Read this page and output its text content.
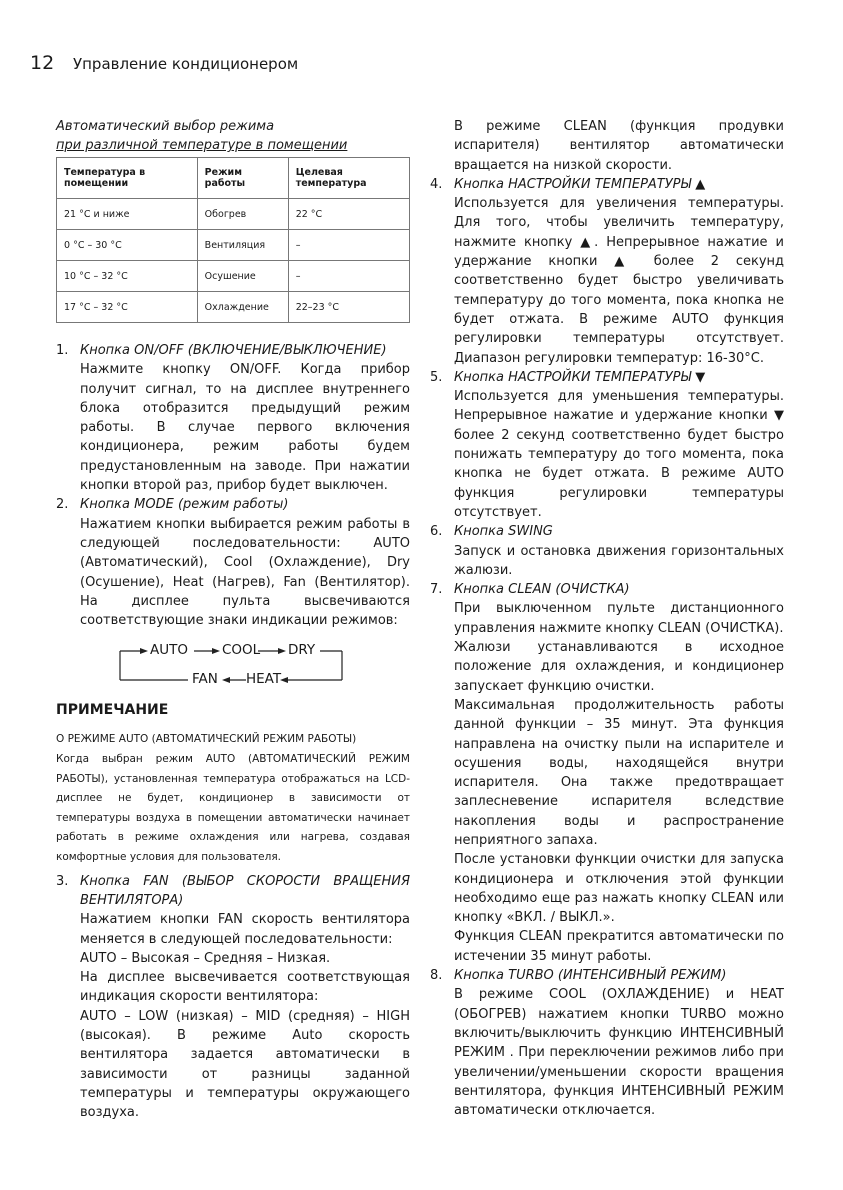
12 Управление кондиционером
Автоматический выбор режима
при различной температуре в помещении
Температура в помещении	Режим работы	Целевая температура
21 °C и ниже	Обогрев	22 °C
0 °C – 30 °C	Вентиляция	–
10 °C – 32 °C	Осушение	–
17 °C – 32 °C	Охлаждение	22–23 °C
1. Кнопка ON/OFF (ВКЛЮЧЕНИЕ/ВЫКЛЮЧЕНИЕ)

Нажмите кнопку ON/OFF. Когда прибор получит сигнал, то на дисплее внутреннего блока отобразится предыдущий режим работы. В случае первого включения кондиционера, режим работы будем предустановленным на заводе. При нажатии кнопки второй раз, прибор будет выключен.

2. Кнопка MODE (режим работы)

Нажатием кнопки выбирается режим работы в следующей последовательности: AUTO (Автоматический), Cool (Охлаждение), Dry (Осушение), Heat (Нагрев), Fan (Вентилятор). На дисплее пульта высвечиваются соответствующие знаки индикации режимов:

AUTO	COOL DRY
FAN HEAT
ПРИМЕЧАНИЕ
О РЕЖИМЕ AUTO (АВТОМАТИЧЕСКИЙ РЕЖИМ РАБОТЫ)

Когда выбран режим AUTO (АВТОМАТИЧЕСКИЙ РЕЖИМ РАБОТЫ), установленная температура отображаться на LCD-дисплее не будет, кондиционер в зависимости от температуры воздуха в помещении автоматически начинает работать в режиме охлаждения или нагрева, создавая комфортные условия для пользователя.

3. Кнопка FAN (ВЫБОР СКОРОСТИ ВРАЩЕНИЯ ВЕНТИЛЯТОРА)

Нажатием кнопки FAN скорость вентилятора меняется в следующей последовательности:

AUTO – Высокая – Средняя – Низкая.

На дисплее высвечивается соответствующая индикация скорости вентилятора:

AUTO – LOW (низкая) – MID (средняя) – HIGH (высокая). В режиме Auto скорость вентилятора задается автоматически в зависимости от разницы заданной температуры и температуры окружающего воздуха.

В режиме CLEAN (функция продувки испарителя) вентилятор автоматически вращается на низкой скорости.

4. Кнопка НАСТРОЙКИ ТЕМПЕРАТУРЫ ▲

Используется для увеличения температуры. Для того, чтобы увеличить температуру, нажмите кнопку ▲. Непрерывное нажатие и удержание кнопки ▲ более 2 секунд соответственно будет быстро увеличивать температуру до того момента, пока кнопка не будет отжата. В режиме AUTO функция регулировки температуры отсутствует. Диапазон регулировки температур: 16-30°С.

5. Кнопка НАСТРОЙКИ ТЕМПЕРАТУРЫ ▼

Используется для уменьшения температуры. Непрерывное нажатие и удержание кнопки ▼ более 2 секунд соответственно будет быстро понижать температуру до того момента, пока кнопка не будет отжата. В режиме AUTO функция регулировки температуры отсутствует.

6. Кнопка SWING

Запуск и остановка движения горизонтальных жалюзи.

7. Кнопка CLEAN (ОЧИСТКА)

При выключенном пульте дистанционного управления нажмите кнопку CLEAN (ОЧИСТКА).

Жалюзи устанавливаются в исходное положение для охлаждения, и кондиционер запускает функцию очистки.

Максимальная продолжительность работы данной функции – 35 минут. Эта функция направлена на очистку пыли на испарителе и осушения воды, находящейся внутри испарителя. Она также предотвращает заплесневение испарителя вследствие накопления воды и распространение неприятного запаха.

После установки функции очистки для запуска кондиционера и отключения этой функции необходимо еще раз нажать кнопку CLEAN или кнопку «ВКЛ. / ВЫКЛ.».

Функция CLEAN прекратится автоматически по истечении 35 минут работы.

8. Кнопка TURBO (ИНТЕНСИВНЫЙ РЕЖИМ)

В режиме COOL (ОХЛАЖДЕНИЕ) и HEAT (ОБОГРЕВ) нажатием кнопки TURBO можно включить/выключить функцию ИНТЕНСИВНЫЙ РЕЖИМ . При переключении режимов либо при увеличении/уменьшении скорости вращения вентилятора, функция ИНТЕНСИВНЫЙ РЕЖИМ автоматически отключается.
